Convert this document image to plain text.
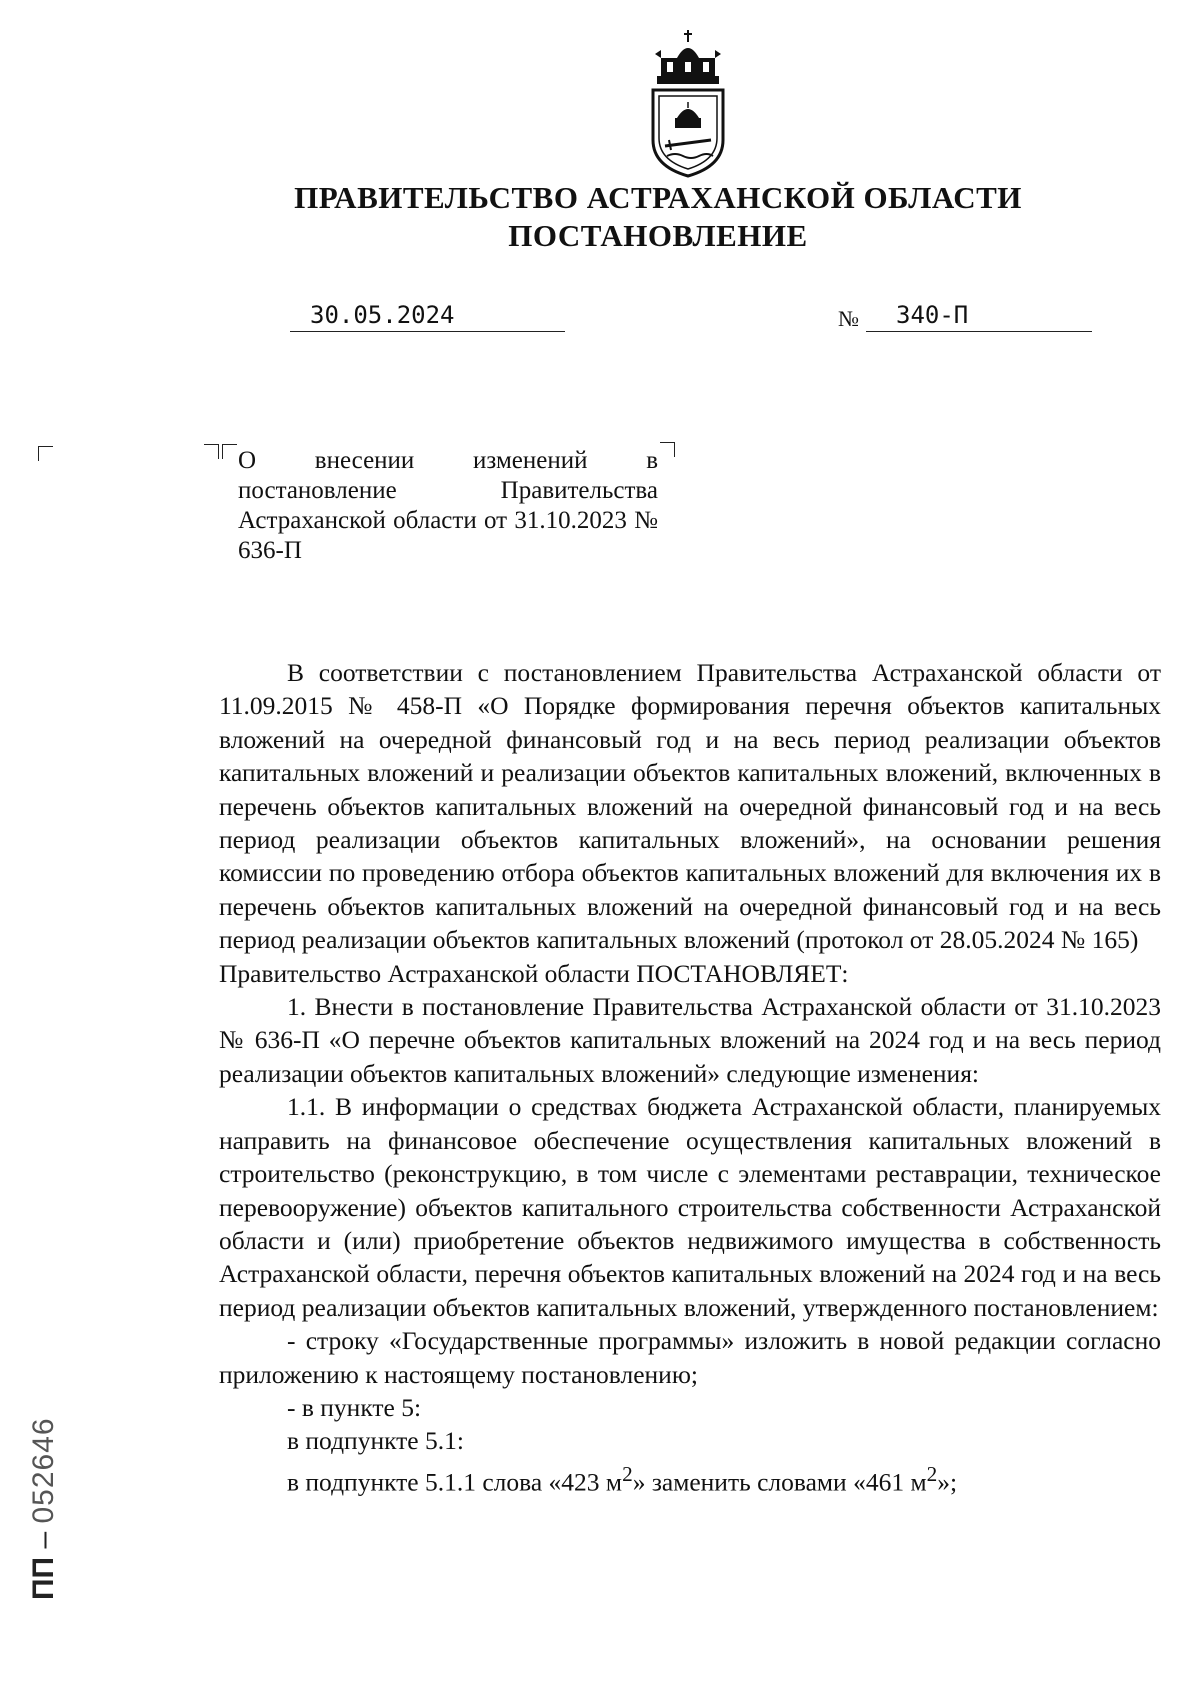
ПРАВИТЕЛЬСТВО АСТРАХАНСКОЙ ОБЛАСТИ
ПОСТАНОВЛЕНИЕ
30.05.2024	№	340-П
О внесении изменений в постановление Правительства Астраханской области от 31.10.2023 № 636-П

В соответствии с постановлением Правительства Астраханской области от 11.09.2015 № 458-П «О Порядке формирования перечня объектов капитальных вложений на очередной финансовый год и на весь период реализации объектов капитальных вложений и реализации объектов капитальных вложений, включенных в перечень объектов капитальных вложений на очередной финансовый год и на весь период реализации объектов капитальных вложений», на основании решения комиссии по проведению отбора объектов капитальных вложений для включения их в перечень объектов капитальных вложений на очередной финансовый год и на весь период реализации объектов капитальных вложений (протокол от 28.05.2024 № 165)

Правительство Астраханской области ПОСТАНОВЛЯЕТ:

1. Внести в постановление Правительства Астраханской области от 31.10.2023 № 636-П «О перечне объектов капитальных вложений на 2024 год и на весь период реализации объектов капитальных вложений» следующие изменения:

1.1. В информации о средствах бюджета Астраханской области, планируемых направить на финансовое обеспечение осуществления капитальных вложений в строительство (реконструкцию, в том числе с элементами реставрации, техническое перевооружение) объектов капитального строительства собственности Астраханской области и (или) приобретение объектов недвижимого имущества в собственность Астраханской области, перечня объектов капитальных вложений на 2024 год и на весь период реализации объектов капитальных вложений, утвержденного постановлением:

- строку «Государственные программы» изложить в новой редакции согласно приложению к настоящему постановлению;

- в пункте 5:

в подпункте 5.1:

в подпункте 5.1.1 слова «423 $м^2$» заменить словами «461 $м^2$»;

ПП – 052646
